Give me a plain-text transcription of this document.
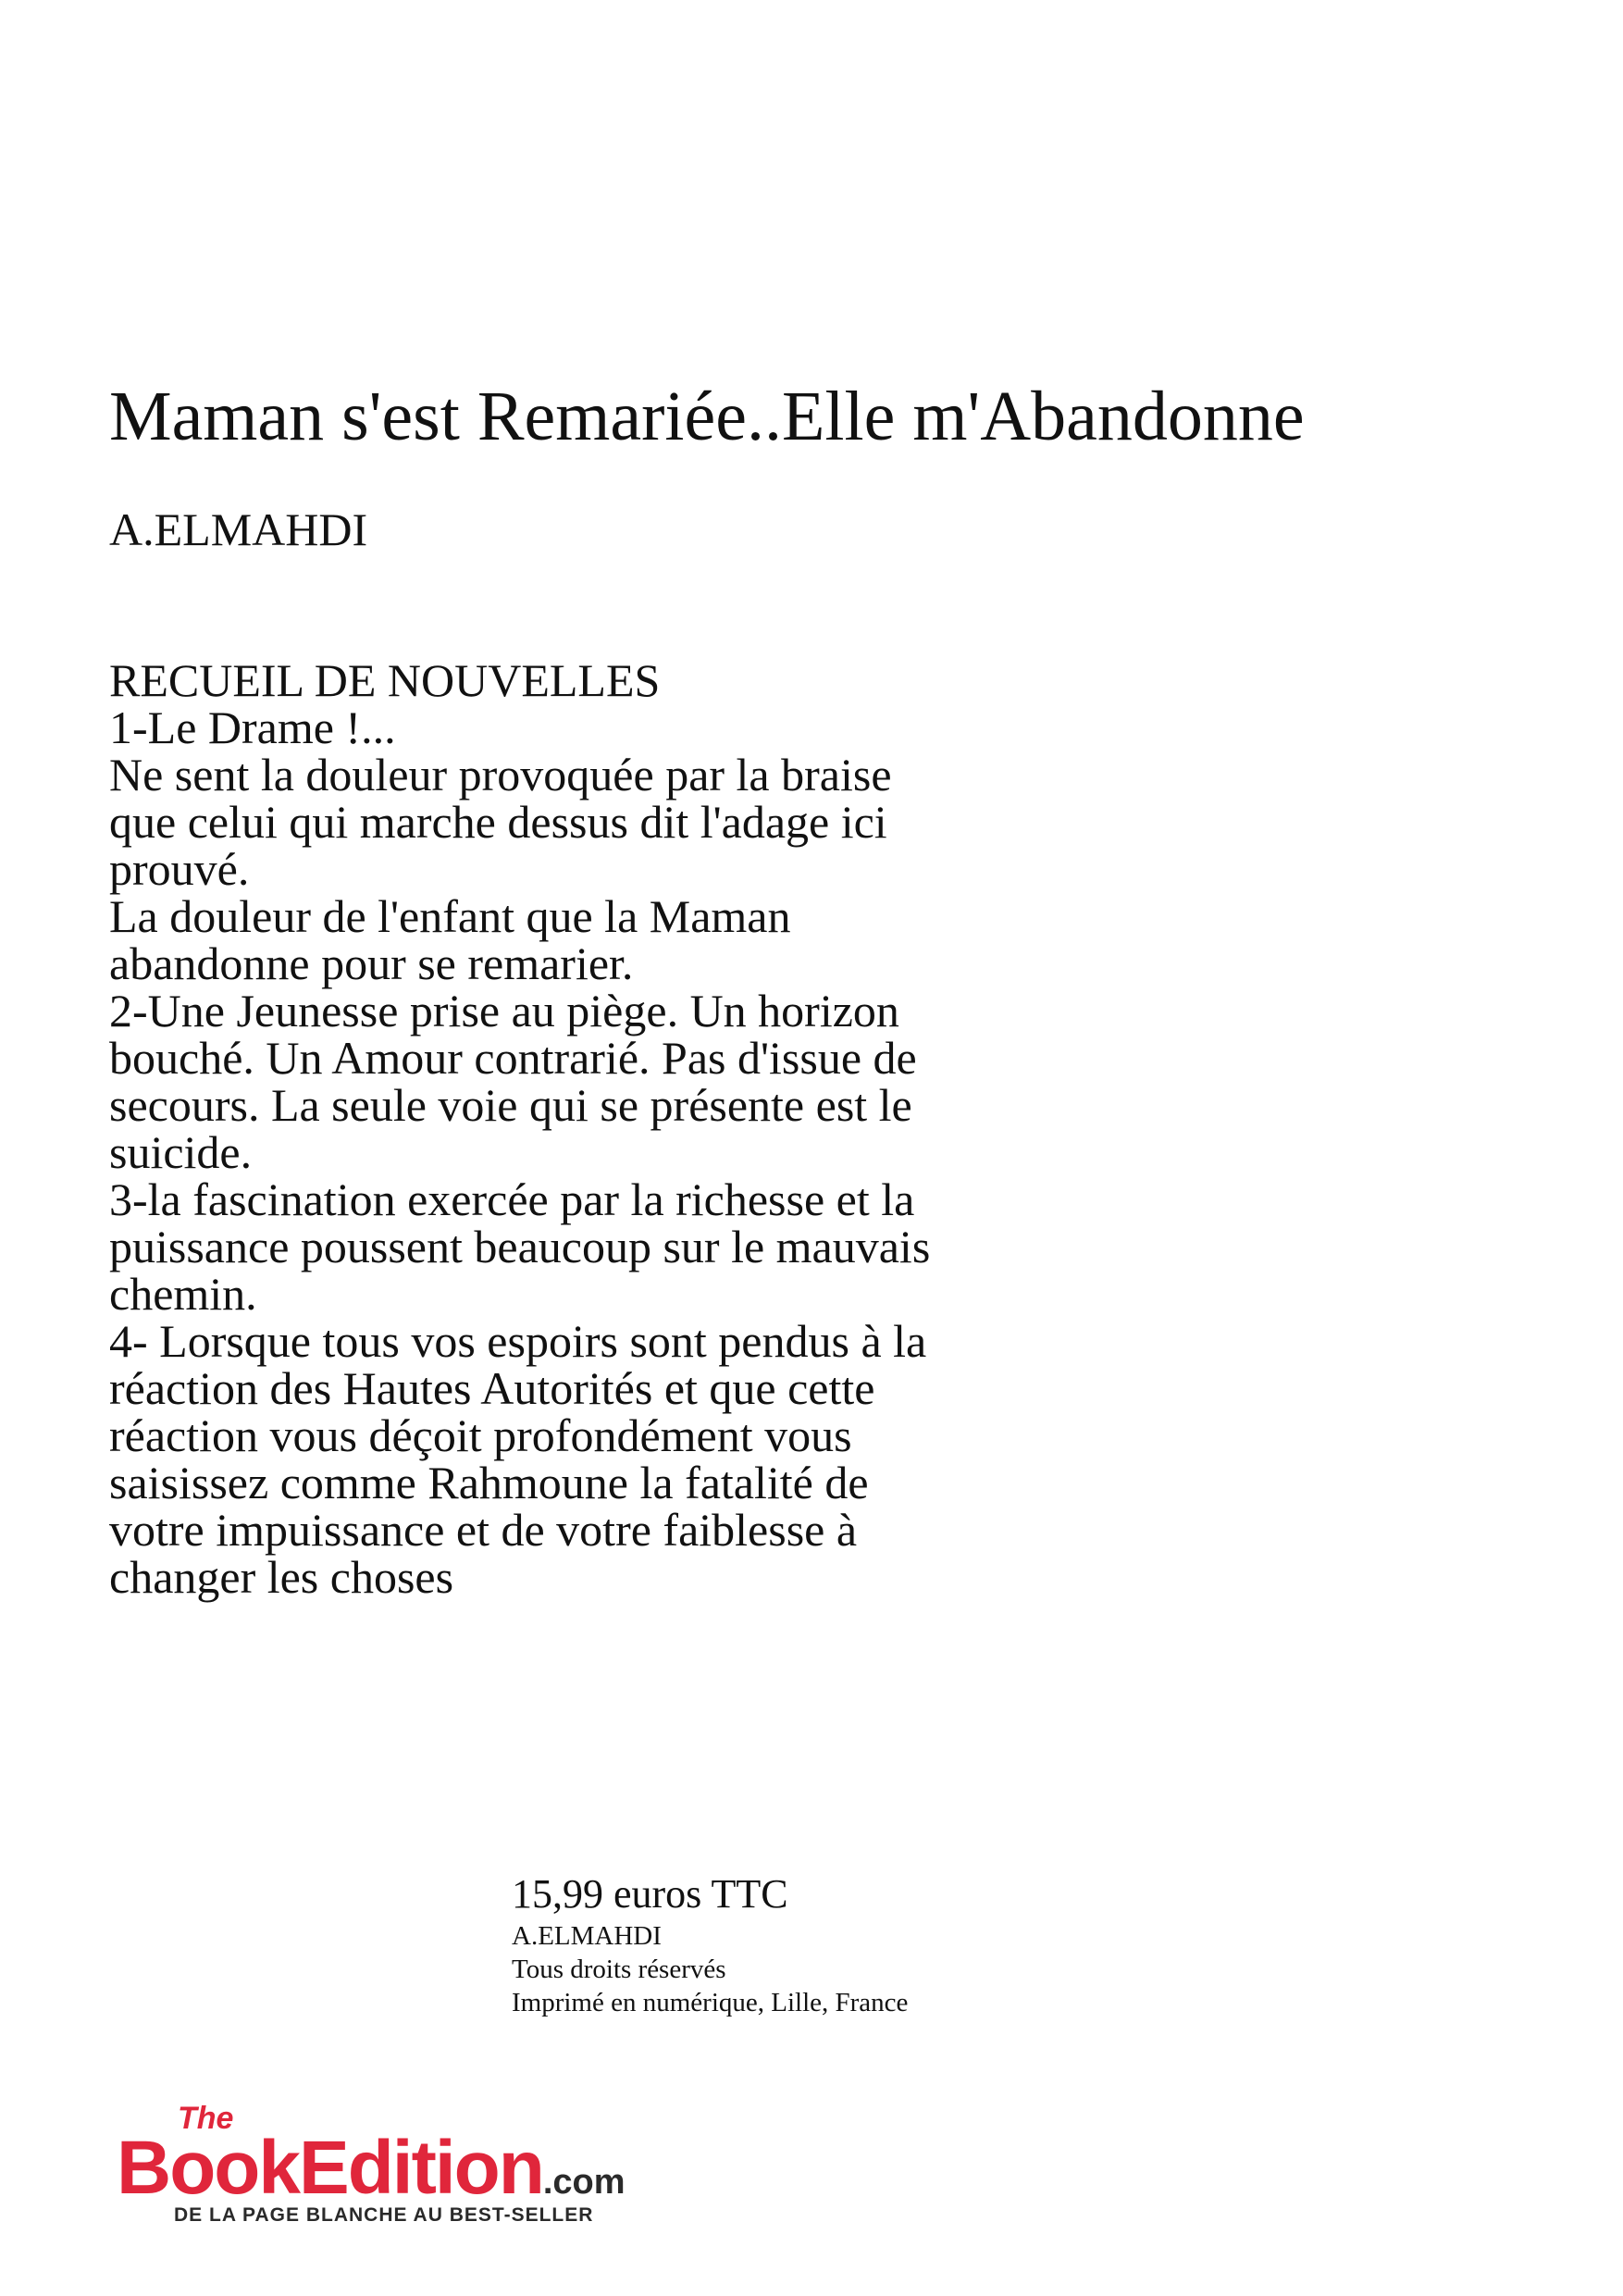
Maman s'est Remariée..Elle m'Abandonne
A.ELMAHDI
RECUEIL DE NOUVELLES
1-Le Drame !...
Ne sent la douleur provoquée par la braise
que celui qui marche dessus dit l'adage ici
prouvé.
La douleur de l'enfant que la Maman
abandonne pour se remarier.
2-Une Jeunesse prise au piège. Un horizon
bouché. Un Amour contrarié. Pas d'issue de
secours. La seule voie qui se présente est le
suicide.
3-la fascination exercée par la richesse et la
puissance poussent beaucoup sur le mauvais
chemin.
4- Lorsque tous vos espoirs sont pendus à la
réaction des Hautes Autorités et que cette
réaction vous déçoit profondément vous
saisissez comme Rahmoune la fatalité de
votre impuissance et de votre faiblesse à
changer les choses
15,99 euros TTC
A.ELMAHDI
Tous droits réservés
Imprimé en numérique, Lille, France
The
BookEdition.com
DE LA PAGE BLANCHE AU BEST-SELLER
